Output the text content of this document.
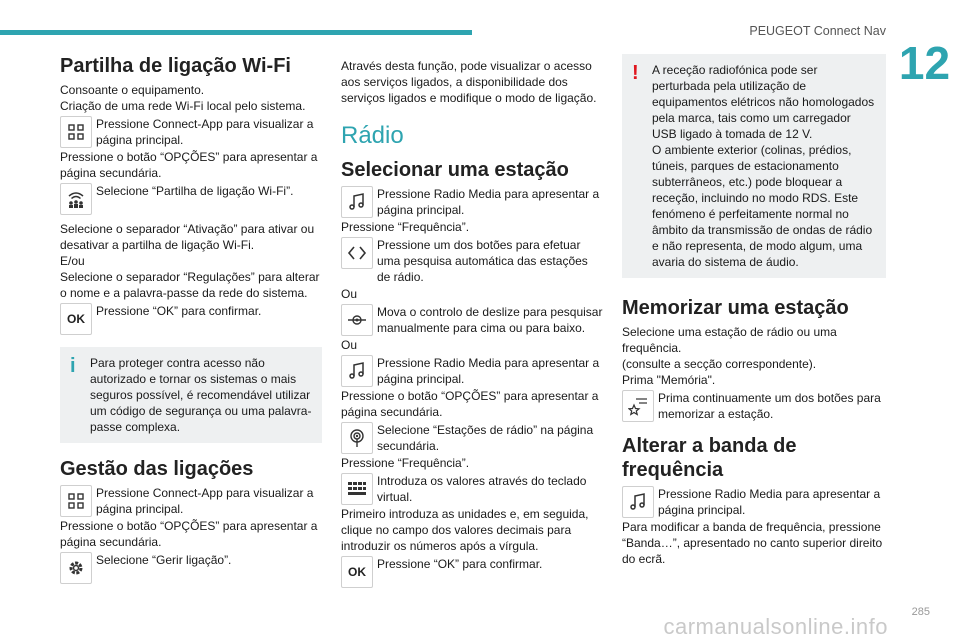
PEUGEOT Connect Nav
12
Partilha de ligação Wi-Fi

Consoante o equipamento.

Criação de uma rede Wi-Fi local pelo sistema.

Pressione Connect-App para visualizar a página principal.

Pressione o botão “OPÇÕES” para apresentar a página secundária.

Selecione “Partilha de ligação Wi-Fi”.

Selecione o separador “Ativação” para ativar ou desativar a partilha de ligação Wi-Fi.

E/ou

Selecione o separador “Regulações” para alterar o nome e a palavra-passe da rede do sistema.

OK
Pressione “OK” para confirmar.
i Para proteger contra acesso não autorizado e tornar os sistemas o mais seguros possível, é recomendável utilizar um código de segurança ou uma palavra-passe complexa.

Gestão das ligações
Pressione Connect-App para visualizar a página principal.

Pressione o botão “OPÇÕES” para apresentar a página secundária.

Selecione “Gerir ligação”.

Através desta função, pode visualizar o acesso aos serviços ligados, a disponibilidade dos serviços ligados e modifique o modo de ligação.

Rádio
Selecionar uma estação
Pressione Radio Media para apresentar a página principal.

Pressione “Frequência”.

Pressione um dos botões para efetuar uma pesquisa automática das estações de rádio.

Ou

Mova o controlo de deslize para pesquisar manualmente para cima ou para baixo.

Ou

Pressione Radio Media para apresentar a página principal.

Pressione o botão “OPÇÕES” para apresentar a página secundária.

Selecione “Estações de rádio” na página secundária.

Pressione “Frequência”.

Introduza os valores através do teclado virtual.

Primeiro introduza as unidades e, em seguida, clique no campo dos valores decimais para introduzir os números após a vírgula.

OK
Pressione “OK” para confirmar.
! A receção radiofónica pode ser perturbada pela utilização de equipamentos elétricos não homologados pela marca, tais como um carregador USB ligado à tomada de 12 V.
O ambiente exterior (colinas, prédios, túneis, parques de estacionamento subterrâneos, etc.) pode bloquear a receção, incluindo no modo RDS. Este fenómeno é perfeitamente normal no âmbito da transmissão de ondas de rádio e não representa, de modo algum, uma avaria do sistema de áudio.

Memorizar uma estação

Selecione uma estação de rádio ou uma frequência.

(consulte a secção correspondente).

Prima "Memória".

Prima continuamente um dos botões para memorizar a estação.
Alterar a banda de frequência
Pressione Radio Media para apresentar a página principal.

Para modificar a banda de frequência, pressione “Banda…”, apresentado no canto superior direito do ecrã.

285
carmanualsonline.info
